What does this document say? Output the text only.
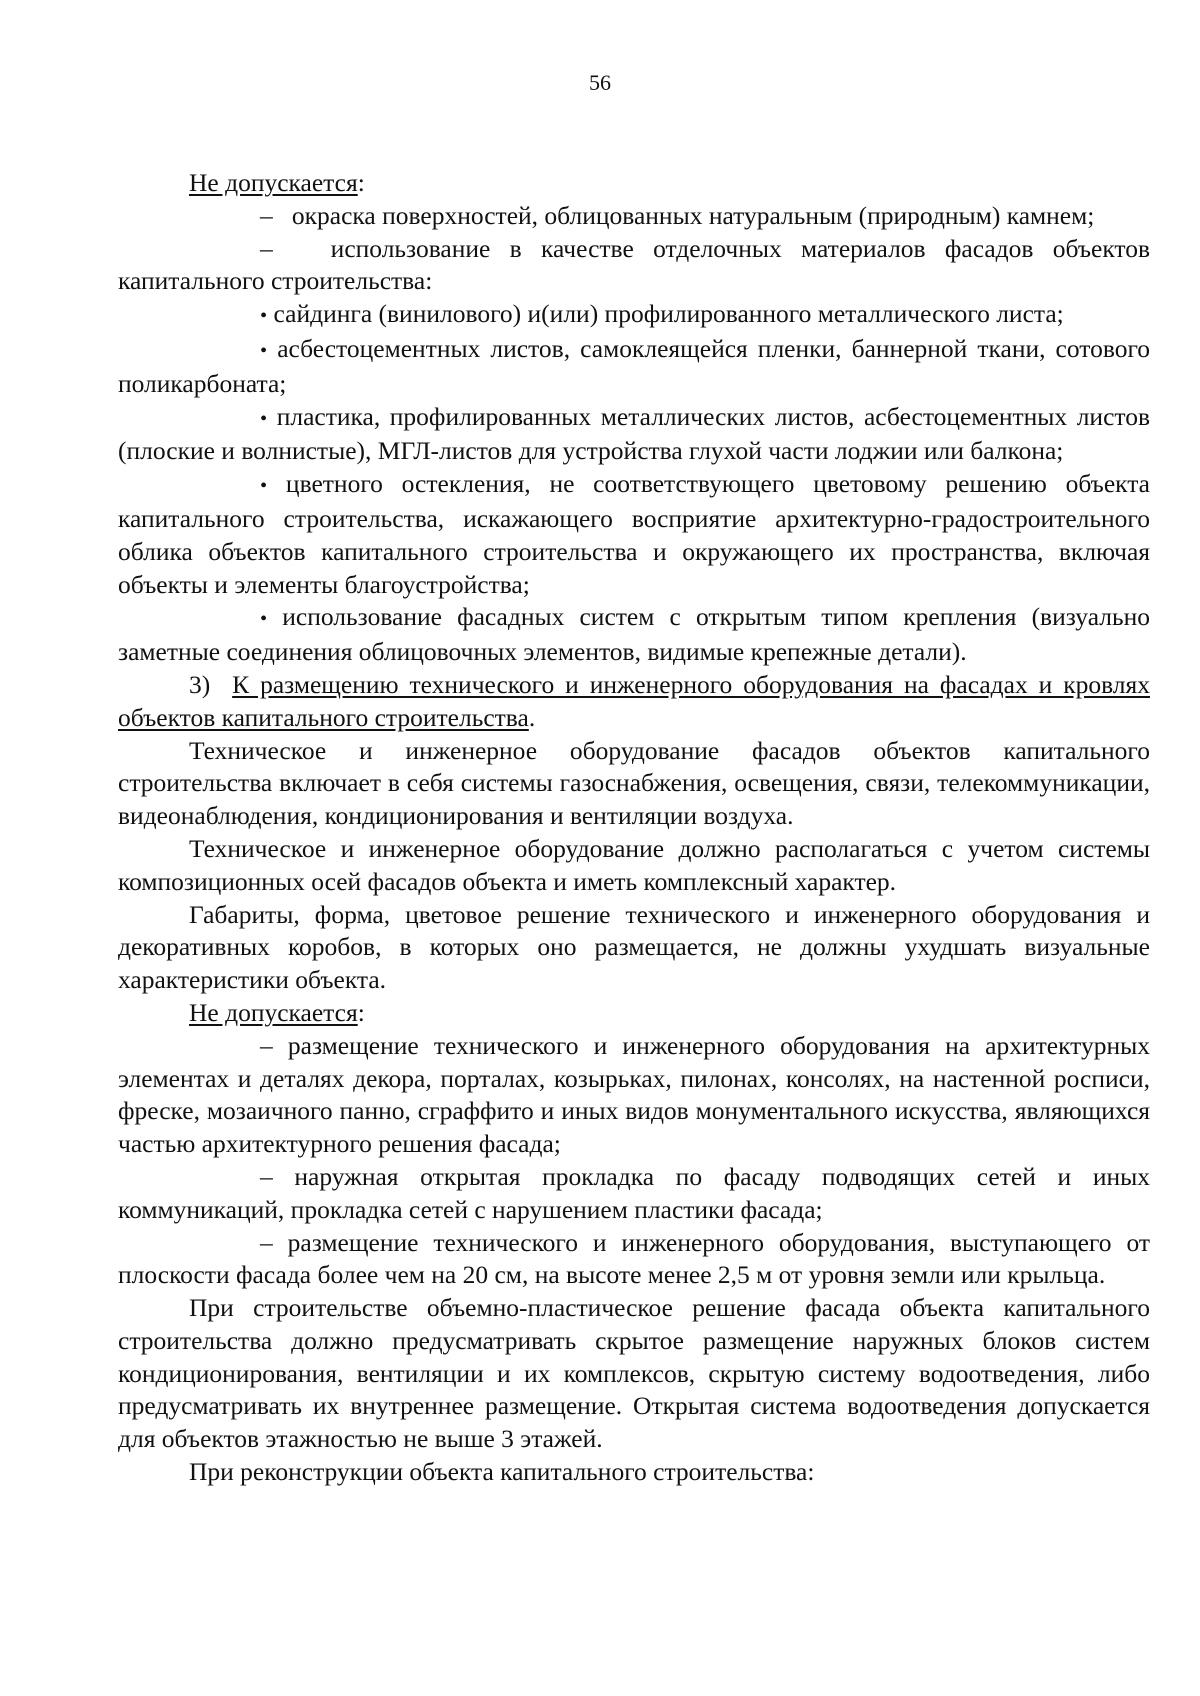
56

Не допускается:

– окраска поверхностей, облицованных натуральным (природным) камнем;

– использование в качестве отделочных материалов фасадов объектов капитального строительства:

• сайдинга (винилового) и(или) профилированного металлического листа;

• асбестоцементных листов, самоклеящейся пленки, баннерной ткани, сотового поликарбоната;

• пластика, профилированных металлических листов, асбестоцементных листов (плоские и волнистые), МГЛ-листов для устройства глухой части лоджии или балкона;

• цветного остекления, не соответствующего цветовому решению объекта капитального строительства, искажающего восприятие архитектурно-градостроительного облика объектов капитального строительства и окружающего их пространства, включая объекты и элементы благоустройства;

• использование фасадных систем с открытым типом крепления (визуально заметные соединения облицовочных элементов, видимые крепежные детали).

3) К размещению технического и инженерного оборудования на фасадах и кровлях объектов капитального строительства.

Техническое и инженерное оборудование фасадов объектов капитального строительства включает в себя системы газоснабжения, освещения, связи, телекоммуникации, видеонаблюдения, кондиционирования и вентиляции воздуха.

Техническое и инженерное оборудование должно располагаться с учетом системы композиционных осей фасадов объекта и иметь комплексный характер.

Габариты, форма, цветовое решение технического и инженерного оборудования и декоративных коробов, в которых оно размещается, не должны ухудшать визуальные характеристики объекта.

Не допускается:

– размещение технического и инженерного оборудования на архитектурных элементах и деталях декора, порталах, козырьках, пилонах, консолях, на настенной росписи, фреске, мозаичного панно, сграффито и иных видов монументального искусства, являющихся частью архитектурного решения фасада;

– наружная открытая прокладка по фасаду подводящих сетей и иных коммуникаций, прокладка сетей с нарушением пластики фасада;

– размещение технического и инженерного оборудования, выступающего от плоскости фасада более чем на 20 см, на высоте менее 2,5 м от уровня земли или крыльца.

При строительстве объемно-пластическое решение фасада объекта капитального строительства должно предусматривать скрытое размещение наружных блоков систем кондиционирования, вентиляции и их комплексов, скрытую систему водоотведения, либо предусматривать их внутреннее размещение. Открытая система водоотведения допускается для объектов этажностью не выше 3 этажей.

При реконструкции объекта капитального строительства:
